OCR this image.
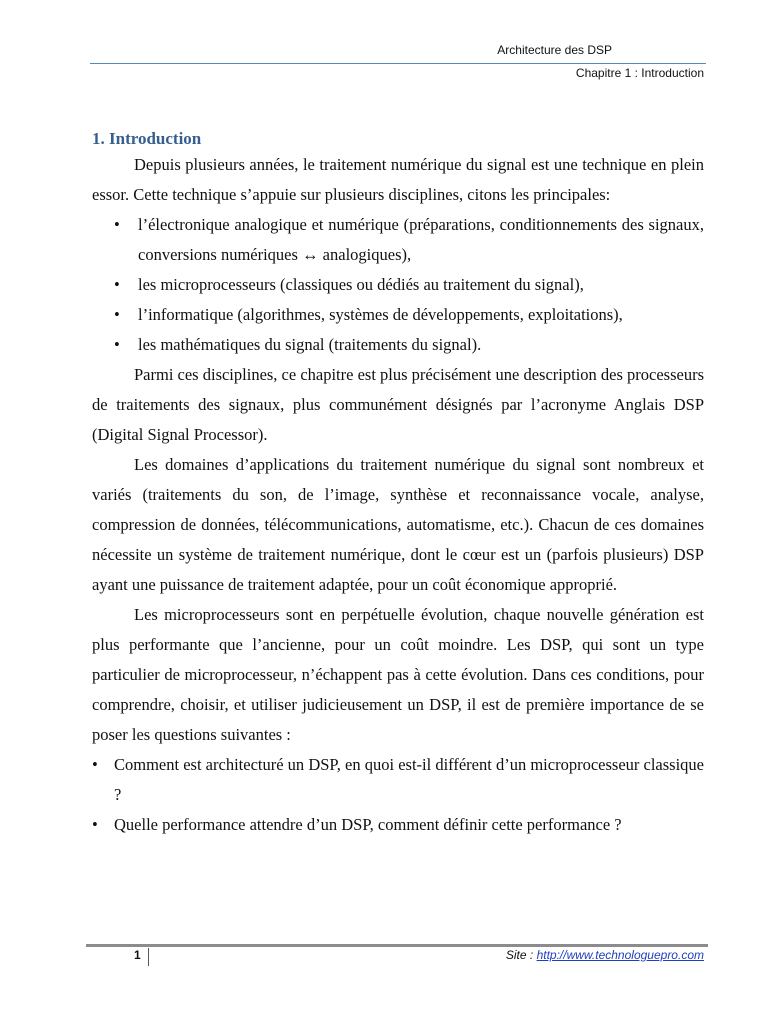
Architecture des DSP
Chapitre 1 : Introduction
1. Introduction

Depuis plusieurs années, le traitement numérique du signal est une technique en plein essor. Cette technique s’appuie sur plusieurs disciplines, citons les principales:

• l’électronique analogique et numérique (préparations, conditionnements des signaux, conversions numériques ↔ analogiques),
• les microprocesseurs (classiques ou dédiés au traitement du signal),
• l’informatique (algorithmes, systèmes de développements, exploitations),
• les mathématiques du signal (traitements du signal).

Parmi ces disciplines, ce chapitre est plus précisément une description des processeurs de traitements des signaux, plus communément désignés par l’acronyme Anglais DSP (Digital Signal Processor).

Les domaines d’applications du traitement numérique du signal sont nombreux et variés (traitements du son, de l’image, synthèse et reconnaissance vocale, analyse, compression de données, télécommunications, automatisme, etc.). Chacun de ces domaines nécessite un système de traitement numérique, dont le cœur est un (parfois plusieurs) DSP ayant une puissance de traitement adaptée, pour un coût économique approprié.

Les microprocesseurs sont en perpétuelle évolution, chaque nouvelle génération est plus performante que l’ancienne, pour un coût moindre. Les DSP, qui sont un type particulier de microprocesseur, n’échappent pas à cette évolution. Dans ces conditions, pour comprendre, choisir, et utiliser judicieusement un DSP, il est de première importance de se poser les questions suivantes :

• Comment est architecturé un DSP, en quoi est-il différent d’un microprocesseur classique ?
• Quelle performance attendre d’un DSP, comment définir cette performance ?
1	Site : http://www.technologuepro.com
